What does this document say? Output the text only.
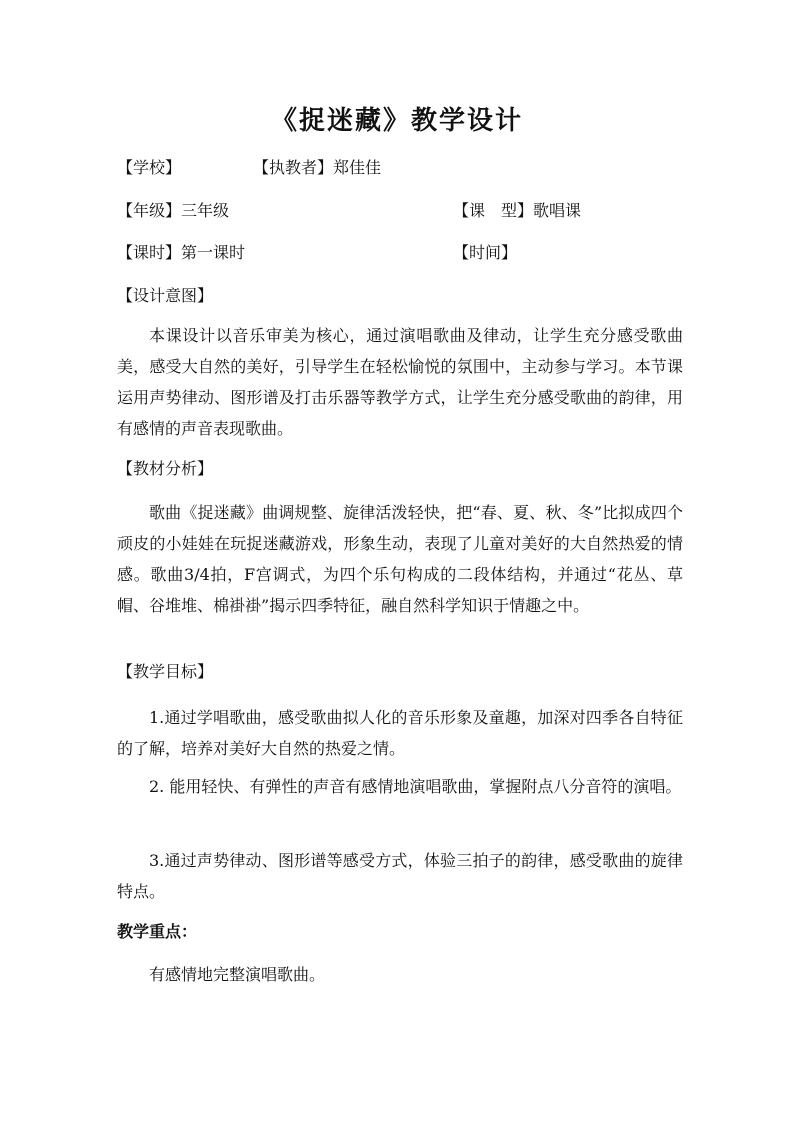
《捉迷藏》教学设计
【学校】	【执教者】郑佳佳
【年级】三年级	【课　型】歌唱课
【课时】第一课时	【时间】
【设计意图】
本课设计以音乐审美为核心，通过演唱歌曲及律动，让学生充分感受歌曲美，感受大自然的美好，引导学生在轻松愉悦的氛围中，主动参与学习。本节课运用声势律动、图形谱及打击乐器等教学方式，让学生充分感受歌曲的韵律，用有感情的声音表现歌曲。
【教材分析】
歌曲《捉迷藏》曲调规整、旋律活泼轻快，把“春、夏、秋、冬”比拟成四个顽皮的小娃娃在玩捉迷藏游戏，形象生动，表现了儿童对美好的大自然热爱的情感。歌曲3/4拍，F宫调式，为四个乐句构成的二段体结构，并通过“花丛、草帽、谷堆堆、棉褂褂”揭示四季特征，融自然科学知识于情趣之中。
【教学目标】
1.通过学唱歌曲，感受歌曲拟人化的音乐形象及童趣，加深对四季各自特征的了解，培养对美好大自然的热爱之情。
2. 能用轻快、有弹性的声音有感情地演唱歌曲，掌握附点八分音符的演唱。
3.通过声势律动、图形谱等感受方式，体验三拍子的韵律，感受歌曲的旋律特点。
教学重点：
有感情地完整演唱歌曲。
